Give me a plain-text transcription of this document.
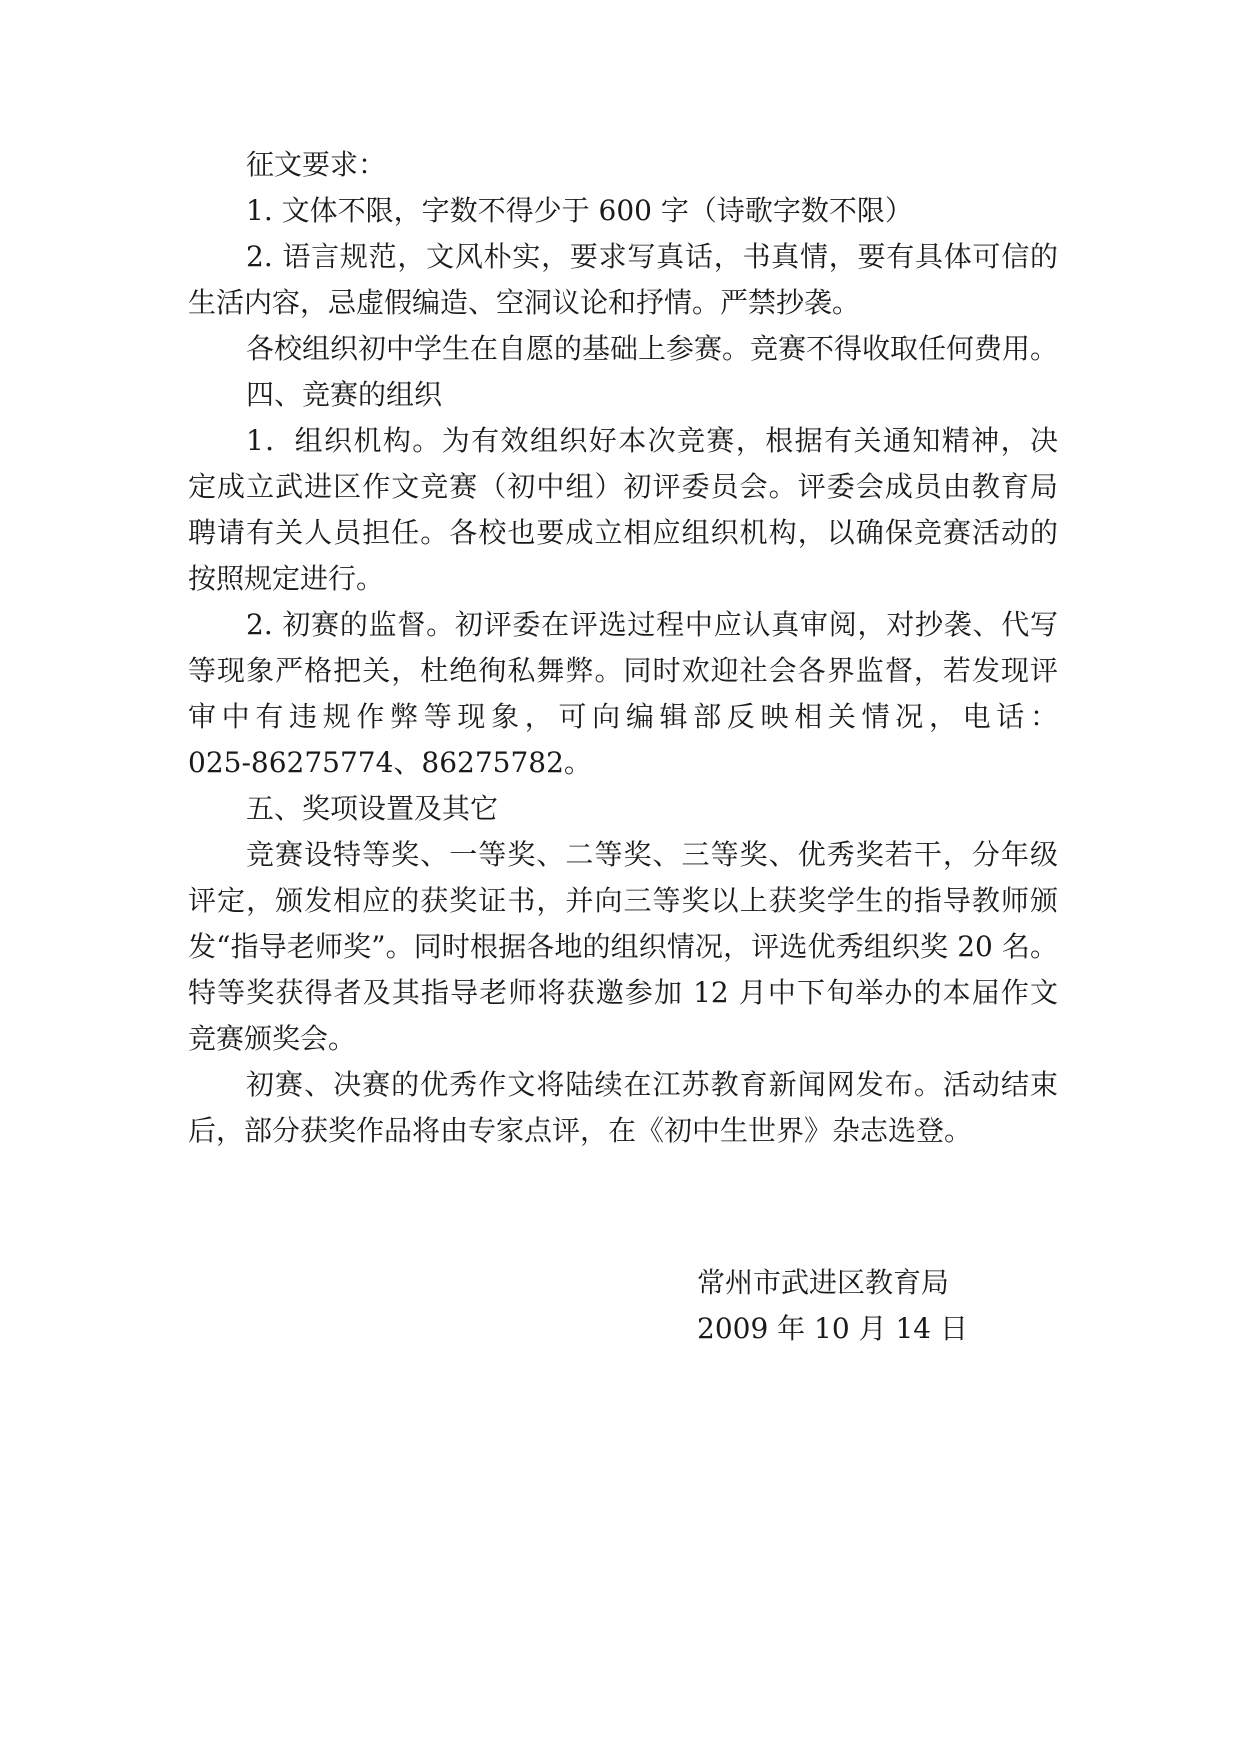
征文要求：
1. 文体不限，字数不得少于 600 字（诗歌字数不限）
2. 语言规范，文风朴实，要求写真话，书真情，要有具体可信的
生活内容，忌虚假编造、空洞议论和抒情。严禁抄袭。
各校组织初中学生在自愿的基础上参赛。竞赛不得收取任何费用。
四、竞赛的组织
1．组织机构。为有效组织好本次竞赛，根据有关通知精神，决
定成立武进区作文竞赛（初中组）初评委员会。评委会成员由教育局
聘请有关人员担任。各校也要成立相应组织机构，以确保竞赛活动的
按照规定进行。
2. 初赛的监督。初评委在评选过程中应认真审阅，对抄袭、代写
等现象严格把关，杜绝徇私舞弊。同时欢迎社会各界监督，若发现评
审中有违规作弊等现象，可向编辑部反映相关情况，电话：
025-86275774、86275782。
五、奖项设置及其它
竞赛设特等奖、一等奖、二等奖、三等奖、优秀奖若干，分年级
评定，颁发相应的获奖证书，并向三等奖以上获奖学生的指导教师颁
发“指导老师奖”。同时根据各地的组织情况，评选优秀组织奖 20 名。
特等奖获得者及其指导老师将获邀参加 12 月中下旬举办的本届作文
竞赛颁奖会。
初赛、决赛的优秀作文将陆续在江苏教育新闻网发布。活动结束
后，部分获奖作品将由专家点评，在《初中生世界》杂志选登。
常州市武进区教育局
2009 年 10 月 14 日
